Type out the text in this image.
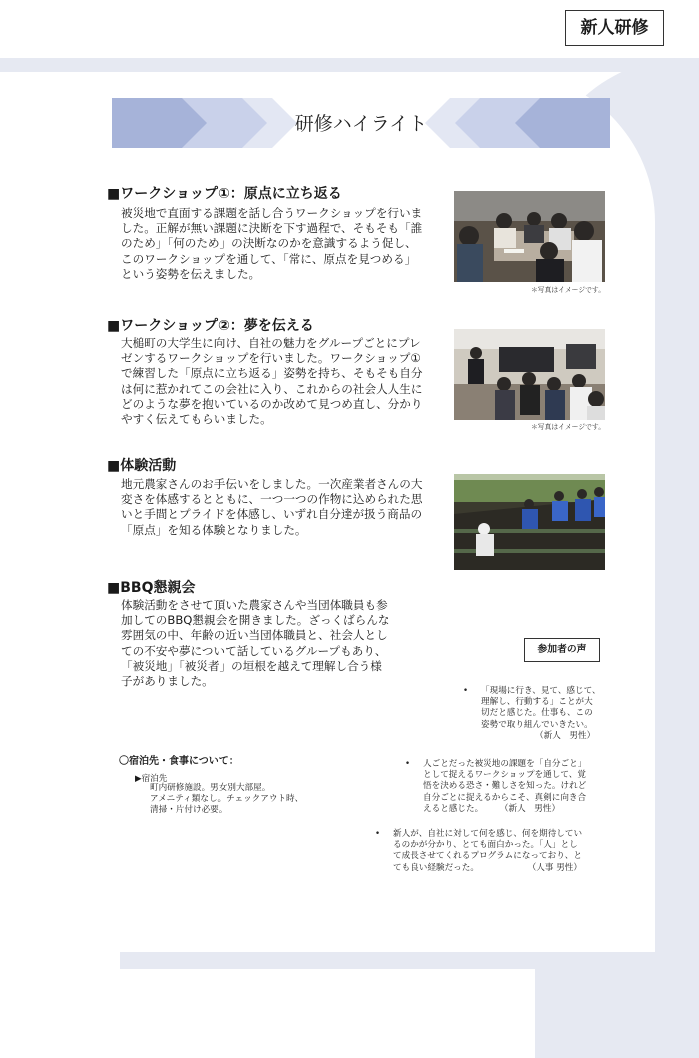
新人研修
研修ハイライト
■ワークショップ①：原点に立ち返る
被災地で直面する課題を話し合うワークショップを行いま
した。正解が無い課題に決断を下す過程で、そもそも「誰
のため」「何のため」の決断なのかを意識するよう促し、
このワークショップを通して、「常に、原点を見つめる」
という姿勢を伝えました。
＊写真はイメージです。
■ワークショップ②：夢を伝える
大槌町の大学生に向け、自社の魅力をグループごとにプレ
ゼンするワークショップを行いました。ワークショップ①
で練習した「原点に立ち返る」姿勢を持ち、そもそも自分
は何に惹かれてこの会社に入り、これからの社会人人生に
どのような夢を抱いているのか改めて見つめ直し、分かり
やすく伝えてもらいました。
＊写真はイメージです。
■体験活動
地元農家さんのお手伝いをしました。一次産業者さんの大
変さを体感するとともに、一つ一つの作物に込められた思
いと手間とプライドを体感し、いずれ自分達が扱う商品の
「原点」を知る体験となりました。
■BBQ懇親会
体験活動をさせて頂いた農家さんや当団体職員も参
加してのBBQ懇親会を開きました。ざっくばらんな
雰囲気の中、年齢の近い当団体職員と、社会人とし
ての不安や夢について話しているグループもあり、
「被災地」「被災者」の垣根を越えて理解し合う様
子がありました。
参加者の声
• 「現場に行き、見て、感じて、
理解し、行動する」ことが大
切だと感じた。仕事も、この
姿勢で取り組んでいきたい。
（新人　男性）
• 人ごとだった被災地の課題を「自分ごと」
として捉えるワークショップを通して、覚
悟を決める恐さ・難しさを知った。けれど
自分ごとに捉えるからこそ、真剣に向き合
えると感じた。 （新人　男性）
• 新人が、自社に対して何を感じ、何を期待してい
るのかが分かり、とても面白かった。「人」とし
て成長させてくれるプログラムになっており、と
ても良い経験だった。	（人事 男性）
〇宿泊先・食事について：
▶宿泊先
町内研修施設。男女別大部屋。
アメニティ類なし。チェックアウト時、
清掃・片付け必要。
